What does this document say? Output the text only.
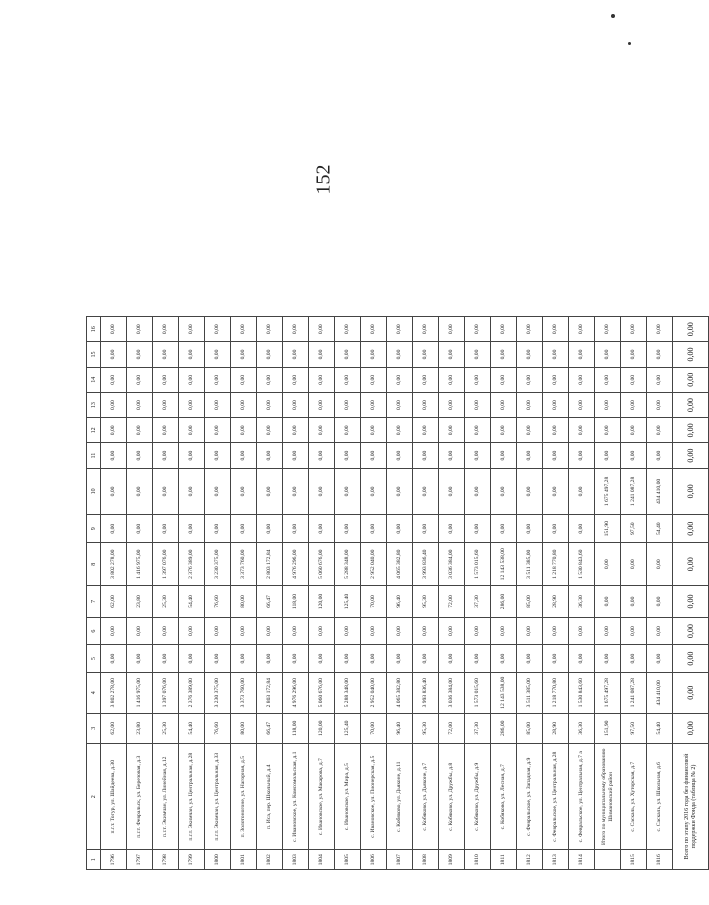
152
1	2	3	4	5	6	7	8	9	10	11	12	13	14	15	16
1796	п.г.т. Тогур, ул. Шайдеева, д.30	62,00	3 802 278,00	0,00	0,00	62,00	3 802 278,00	0,00	0,00	0,00	0,00	0,00	0,00	0,00	0,00
1797	п.г.т. Февральск, ул. Березовая, д.3	23,80	1 416 975,00	0,00	0,00	23,80	1 416 975,00	0,00	0,00	0,00	0,00	0,00	0,00	0,00	0,00
1798	п.г.т. Экимчан, ул. Линейная, д.12	25,30	1 397 076,00	0,00	0,00	25,30	1 397 076,00	0,00	0,00	0,00	0,00	0,00	0,00	0,00	0,00
1799	п.г.т. Экимчан, ул. Центральная, д.28	54,40	2 376 389,00	0,00	0,00	54,40	2 376 389,00	0,00	0,00	0,00	0,00	0,00	0,00	0,00	0,00
1800	п.г.т. Экимчан, ул. Центральная, д.33	76,60	3 230 375,00	0,00	0,00	76,60	3 230 375,00	0,00	0,00	0,00	0,00	0,00	0,00	0,00	0,00
1801	п. Золотоногоне, ул. Нагорная, д.5	80,00	3 373 760,00	0,00	0,00	80,00	3 373 760,00	0,00	0,00	0,00	0,00	0,00	0,00	0,00	0,00
1802	п. Иса, пер. Школьный, д.4	66,47	2 803 172,84	0,00	0,00	66,47	2 803 172,84	0,00	0,00	0,00	0,00	0,00	0,00	0,00	0,00
1803	с. Ивановское, ул. Комсомольская, д.1	118,00	4 976 296,00	0,00	0,00	118,00	4 976 296,00	0,00	0,00	0,00	0,00	0,00	0,00	0,00	0,00
1804	с. Ивановское, ул. Макарова, д.7	120,00	5 060 676,00	0,00	0,00	120,00	5 060 676,00	0,00	0,00	0,00	0,00	0,00	0,00	0,00	0,00
1805	с. Ивановское, ул. Мира, д.5	125,40	5 288 348,00	0,00	0,00	125,40	5 288 348,00	0,00	0,00	0,00	0,00	0,00	0,00	0,00	0,00
1806	с. Ивановское, ул. Пионерская, д.5	70,00	2 952 040,00	0,00	0,00	70,00	2 952 040,00	0,00	0,00	0,00	0,00	0,00	0,00	0,00	0,00
1807	с. Кобяково, ул. Дьяконе, д.11	96,40	4 065 382,80	0,00	0,00	96,40	4 065 382,80	0,00	0,00	0,00	0,00	0,00	0,00	0,00	0,00
1808	с. Кобяково, ул. Дьяконе, д.7	95,30	3 993 836,40	0,00	0,00	95,30	3 993 836,40	0,00	0,00	0,00	0,00	0,00	0,00	0,00	0,00
1809	с. Кобяково, ул. Дружбы, д.8	72,00	3 036 384,00	0,00	0,00	72,00	3 036 384,00	0,00	0,00	0,00	0,00	0,00	0,00	0,00	0,00
1810	с. Кобяково, ул. Дружбы, д.9	37,30	1 573 015,60	0,00	0,00	37,30	1 573 015,60	0,00	0,00	0,00	0,00	0,00	0,00	0,00	0,00
1811	с. Кобяково, ул. Лесная, д.7	286,00	12 143 538,00	0,00	0,00	286,00	12 143 538,00	0,00	0,00	0,00	0,00	0,00	0,00	0,00	0,00
1812	с. Февральское, ул. Западная, д.9	85,00	3 511 385,00	0,00	0,00	85,00	3 511 385,00	0,00	0,00	0,00	0,00	0,00	0,00	0,00	0,00
1813	с. Февральское, ул. Центральная, д.28	28,90	1 218 770,80	0,00	0,00	28,90	1 218 770,80	0,00	0,00	0,00	0,00	0,00	0,00	0,00	0,00
1814	с. Февральское, ул. Центральная, д.7 а	36,30	1 530 843,60	0,00	0,00	36,30	1 530 843,60	0,00	0,00	0,00	0,00	0,00	0,00	0,00	0,00
	Итого по муниципальному образованию Шимановский район	151,90	1 675 497,28	0,00	0,00	0,00	0,00	151,90	1 675 497,28	0,00	0,00	0,00	0,00	0,00	0,00
1815	с. Саскаль, ул. Хуторская, д.7	97,50	1 241 087,28	0,00	0,00	0,00	0,00	97,50	1 241 087,28	0,00	0,00	0,00	0,00	0,00	0,00
1816	с. Саскаль, ул. Школьная, д.6	54,40	434 410,00	0,00	0,00	0,00	0,00	54,40	434 410,00	0,00	0,00	0,00	0,00	0,00	0,00
Всего по этапу 2016 года без финансовой поддержки Фонда (таблица № 2)		0,00	0,00	0,00	0,00	0,00	0,00	0,00	0,00	0,00	0,00	0,00	0,00	0,00	0,00
